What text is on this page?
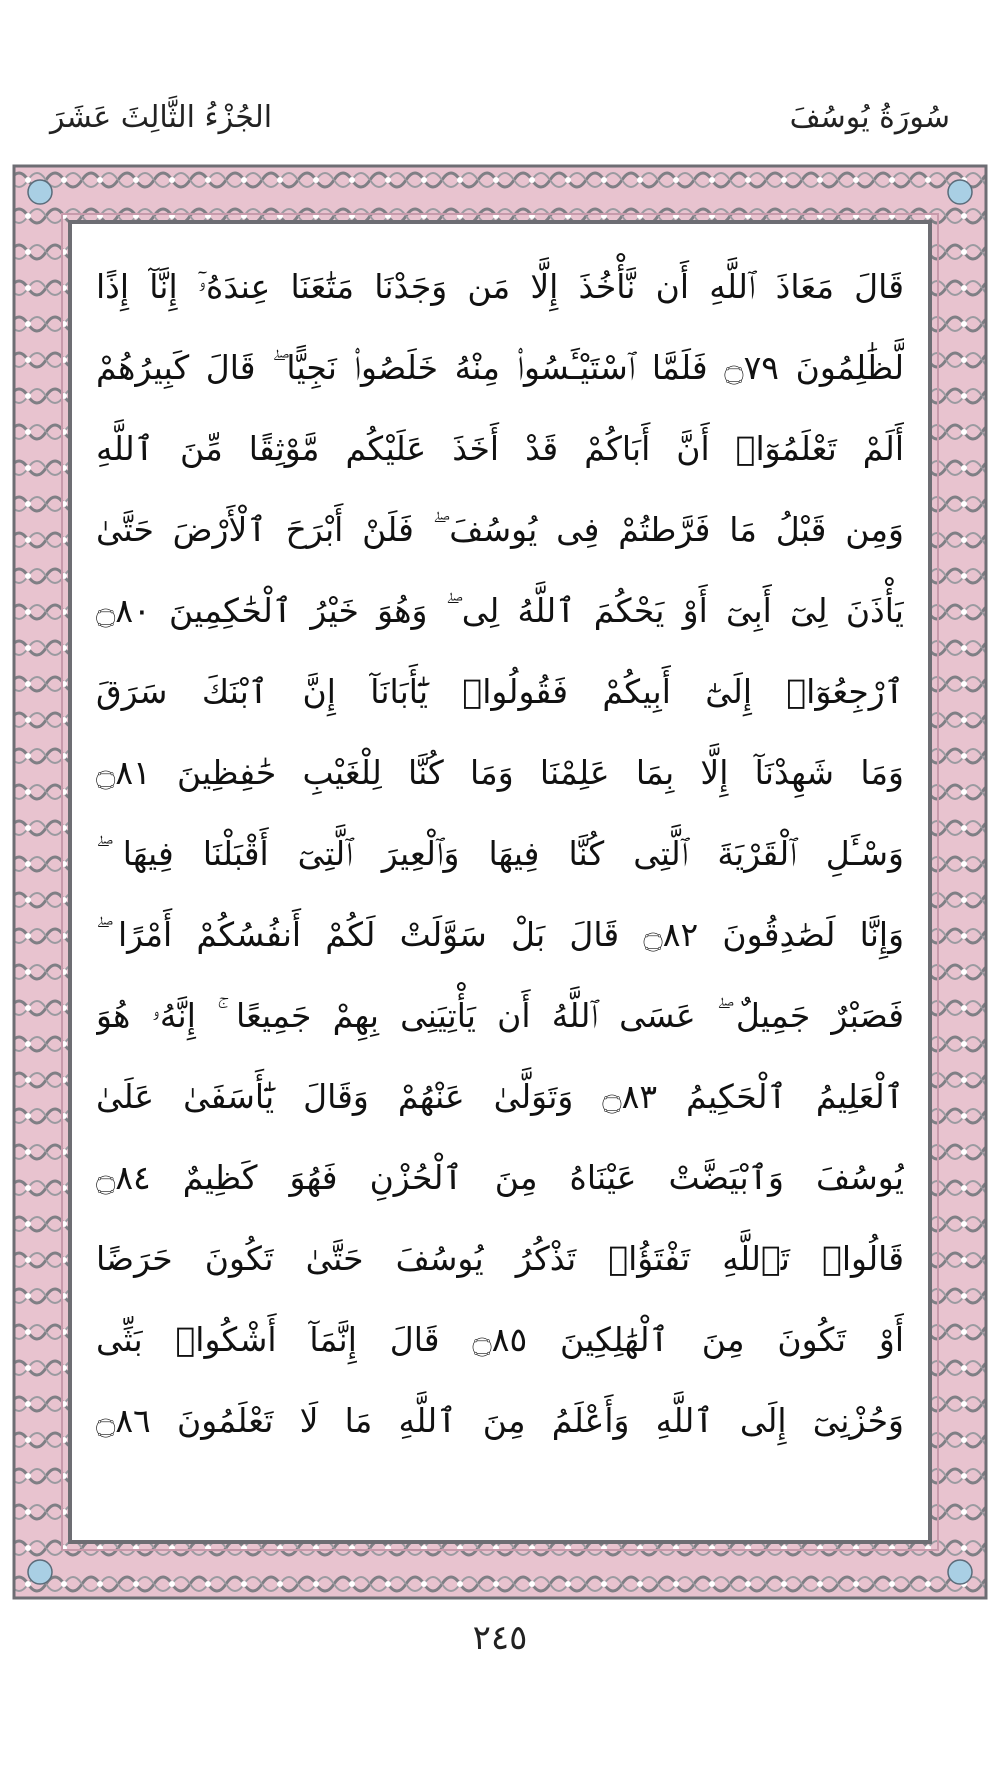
سُورَةُ يُوسُفَ
الجُزْءُ الثَّالِثَ عَشَرَ
قَالَ مَعَاذَ ٱللَّهِ أَن نَّأْخُذَ إِلَّا مَن وَجَدْنَا مَتَٰعَنَا عِندَهُۥٓ إِنَّآ إِذًا
لَّظَٰلِمُونَ ۝٧٩ فَلَمَّا ٱسْتَيْـَٔسُوا۟ مِنْهُ خَلَصُوا۟ نَجِيًّا ۖ قَالَ كَبِيرُهُمْ
أَلَمْ تَعْلَمُوٓا۟ أَنَّ أَبَاكُمْ قَدْ أَخَذَ عَلَيْكُم مَّوْثِقًا مِّنَ ٱللَّهِ
وَمِن قَبْلُ مَا فَرَّطتُمْ فِى يُوسُفَ ۖ فَلَنْ أَبْرَحَ ٱلْأَرْضَ حَتَّىٰ
يَأْذَنَ لِىٓ أَبِىٓ أَوْ يَحْكُمَ ٱللَّهُ لِى ۖ وَهُوَ خَيْرُ ٱلْحَٰكِمِينَ ۝٨٠
ٱرْجِعُوٓا۟ إِلَىٰٓ أَبِيكُمْ فَقُولُوا۟ يَٰٓأَبَانَآ إِنَّ ٱبْنَكَ سَرَقَ
وَمَا شَهِدْنَآ إِلَّا بِمَا عَلِمْنَا وَمَا كُنَّا لِلْغَيْبِ حَٰفِظِينَ ۝٨١
وَسْـَٔلِ ٱلْقَرْيَةَ ٱلَّتِى كُنَّا فِيهَا وَٱلْعِيرَ ٱلَّتِىٓ أَقْبَلْنَا فِيهَا ۖ
وَإِنَّا لَصَٰدِقُونَ ۝٨٢ قَالَ بَلْ سَوَّلَتْ لَكُمْ أَنفُسُكُمْ أَمْرًا ۖ
فَصَبْرٌ جَمِيلٌ ۖ عَسَى ٱللَّهُ أَن يَأْتِيَنِى بِهِمْ جَمِيعًا ۚ إِنَّهُۥ هُوَ
ٱلْعَلِيمُ ٱلْحَكِيمُ ۝٨٣ وَتَوَلَّىٰ عَنْهُمْ وَقَالَ يَٰٓأَسَفَىٰ عَلَىٰ
يُوسُفَ وَٱبْيَضَّتْ عَيْنَاهُ مِنَ ٱلْحُزْنِ فَهُوَ كَظِيمٌ ۝٨٤
قَالُوا۟ تَٱللَّهِ تَفْتَؤُا۟ تَذْكُرُ يُوسُفَ حَتَّىٰ تَكُونَ حَرَضًا
أَوْ تَكُونَ مِنَ ٱلْهَٰلِكِينَ ۝٨٥ قَالَ إِنَّمَآ أَشْكُوا۟ بَثِّى
وَحُزْنِىٓ إِلَى ٱللَّهِ وَأَعْلَمُ مِنَ ٱللَّهِ مَا لَا تَعْلَمُونَ ۝٨٦
٢٤٥
